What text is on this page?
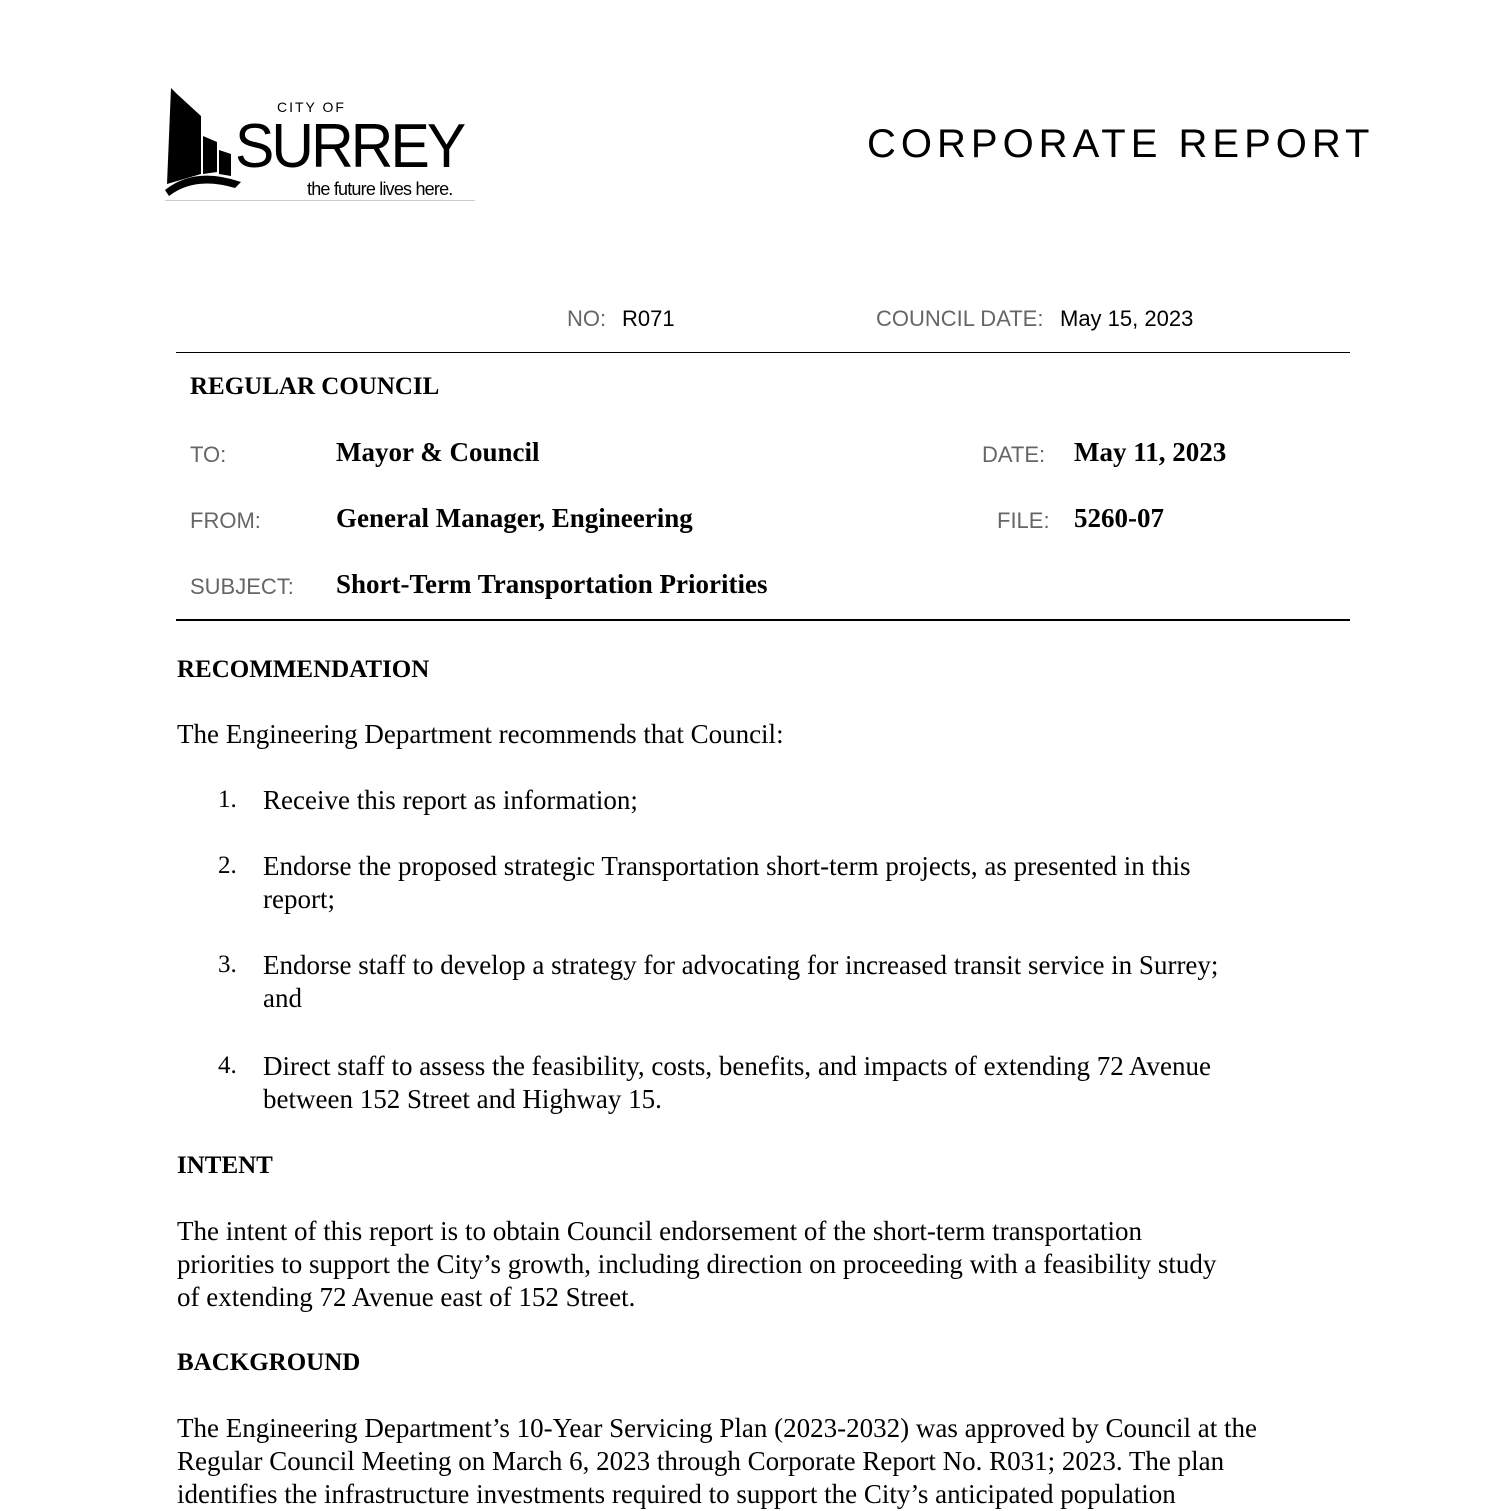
CITY OF
SURREY
the future lives here.
CORPORATE REPORT
NO: R071	COUNCIL DATE: May 15, 2023
REGULAR COUNCIL
TO:	Mayor & Council	DATE: May 11, 2023
FROM:	General Manager, Engineering	FILE: 5260-07
SUBJECT: Short-Term Transportation Priorities
RECOMMENDATION
The Engineering Department recommends that Council:
1. Receive this report as information;
2. Endorse the proposed strategic Transportation short-term projects, as presented in this
report;
3. Endorse staff to develop a strategy for advocating for increased transit service in Surrey;
and
4. Direct staff to assess the feasibility, costs, benefits, and impacts of extending 72 Avenue
between 152 Street and Highway 15.
INTENT
The intent of this report is to obtain Council endorsement of the short-term transportation
priorities to support the City’s growth, including direction on proceeding with a feasibility study
of extending 72 Avenue east of 152 Street.
BACKGROUND
The Engineering Department’s 10-Year Servicing Plan (2023-2032) was approved by Council at the
Regular Council Meeting on March 6, 2023 through Corporate Report No. R031; 2023. The plan
identifies the infrastructure investments required to support the City’s anticipated population
